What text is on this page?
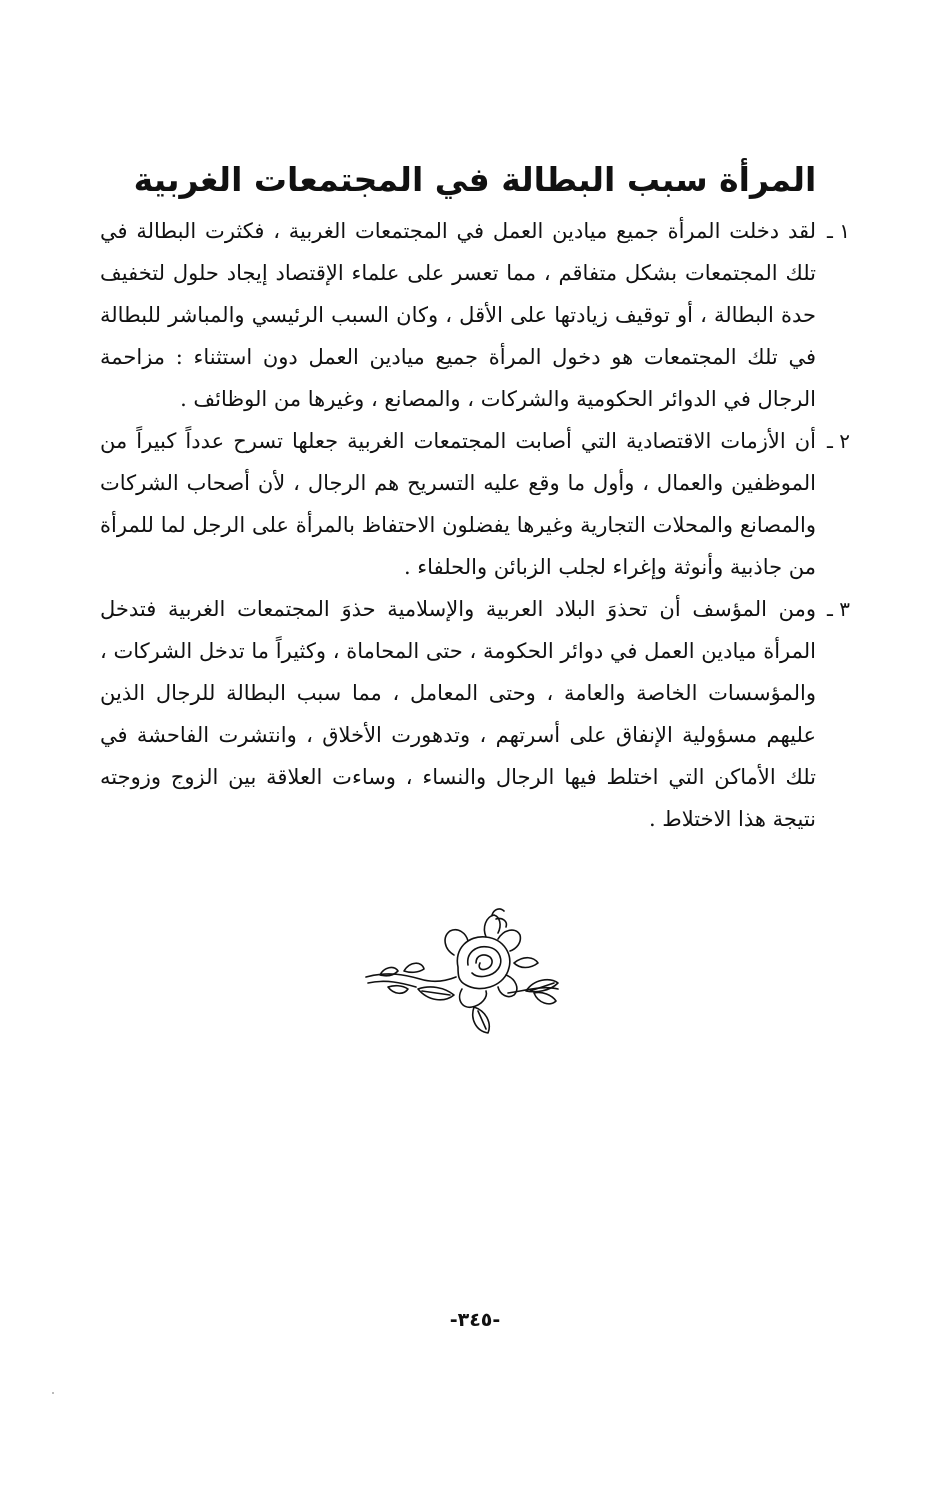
المرأة سبب البطالة في المجتمعات الغربية
١ ـ

لقد دخلت المرأة جميع ميادين العمل في المجتمعات الغربية ، فكثرت البطالة في تلك المجتمعات بشكل متفاقم ، مما تعسر على علماء الإقتصاد إيجاد حلول لتخفيف حدة البطالة ، أو توقيف زيادتها على الأقل ، وكان السبب الرئيسي والمباشر للبطالة في تلك المجتمعات هو دخول المرأة جميع ميادين العمل دون استثناء : مزاحمة الرجال في الدوائر الحكومية والشركات ، والمصانع ، وغيرها من الوظائف .

٢ ـ

أن الأزمات الاقتصادية التي أصابت المجتمعات الغربية جعلها تسرح عدداً كبيراً من الموظفين والعمال ، وأول ما وقع عليه التسريح هم الرجال ، لأن أصحاب الشركات والمصانع والمحلات التجارية وغيرها يفضلون الاحتفاظ بالمرأة على الرجل لما للمرأة من جاذبية وأنوثة وإغراء لجلب الزبائن والحلفاء .

٣ ـ

ومن المؤسف أن تحذوَ البلاد العربية والإسلامية حذوَ المجتمعات الغربية فتدخل المرأة ميادين العمل في دوائر الحكومة ، حتى المحاماة ، وكثيراً ما تدخل الشركات ، والمؤسسات الخاصة والعامة ، وحتى المعامل ، مما سبب البطالة للرجال الذين عليهم مسؤولية الإنفاق على أسرتهم ، وتدهورت الأخلاق ، وانتشرت الفاحشة في تلك الأماكن التي اختلط فيها الرجال والنساء ، وساءت العلاقة بين الزوج وزوجته نتيجة هذا الاختلاط .

-٣٤٥-
